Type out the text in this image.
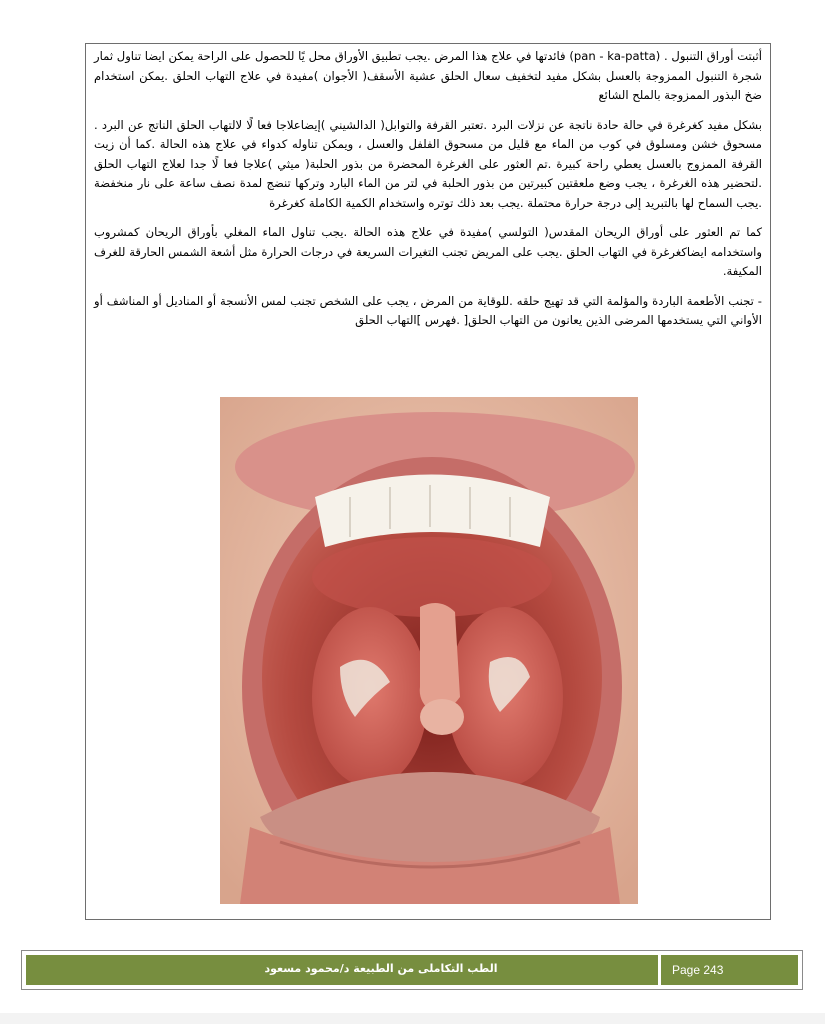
أثبتت أوراق التنبول . (pan - ka-patta) فائدتها في علاج هذا المرض .يجب تطبيق الأوراق محل يًا للحصول على الراحة يمكن ايضا تناول ثمار شجرة التنبول الممزوجة بالعسل بشكل مفيد لتخفيف سعال الحلق عشية الأسقف( الأجوان )مفيدة في علاج التهاب الحلق .يمكن استخدام ضخ البذور الممزوجة بالملح الشائع

بشكل مفيد كغرغرة في حالة حادة ناتجة عن نزلات البرد .تعتبر القرفة والتوابل( الدالشيني )إيضاعلاجا فعا لًا لالتهاب الحلق الناتج عن البرد . مسحوق خشن ومسلوق في كوب من الماء مع قليل من مسحوق الفلفل والعسل ، ويمكن تناوله كدواء في علاج هذه الحالة .كما أن زيت القرفة الممزوج بالعسل يعطي راحة كبيرة .تم العثور على الغرغرة المحضرة من بذور الحلبة( ميثي )علاجا فعا لًا جدا لعلاج التهاب الحلق .لتحضير هذه الغرغرة ، يجب وضع ملعقتين كبيرتين من بذور الحلبة في لتر من الماء البارد وتركها تنضج لمدة نصف ساعة على نار منخفضة .يجب السماح لها بالتبريد إلى درجة حرارة محتملة .يجب بعد ذلك توتره واستخدام الكمية الكاملة كغرغرة

كما تم العثور على أوراق الريحان المقدس( التولسي )مفيدة في علاج هذه الحالة .يجب تناول الماء المغلي بأوراق الريحان كمشروب واستخدامه ايضاكغرغرة في التهاب الحلق .يجب على المريض تجنب التغيرات السريعة في درجات الحرارة مثل أشعة الشمس الحارقة للغرف المكيفة.

- تجنب الأطعمة الباردة والمؤلمة التي قد تهيج حلقه .للوقاية من المرض ، يجب على الشخص تجنب لمس الأنسجة أو المناديل أو المناشف أو الأواني التي يستخدمها المرضى الذين يعانون من التهاب الحلق[ .فهرس ]التهاب الحلق

الطب التكاملى من الطبيعة د/محمود مسعود	Page 243
